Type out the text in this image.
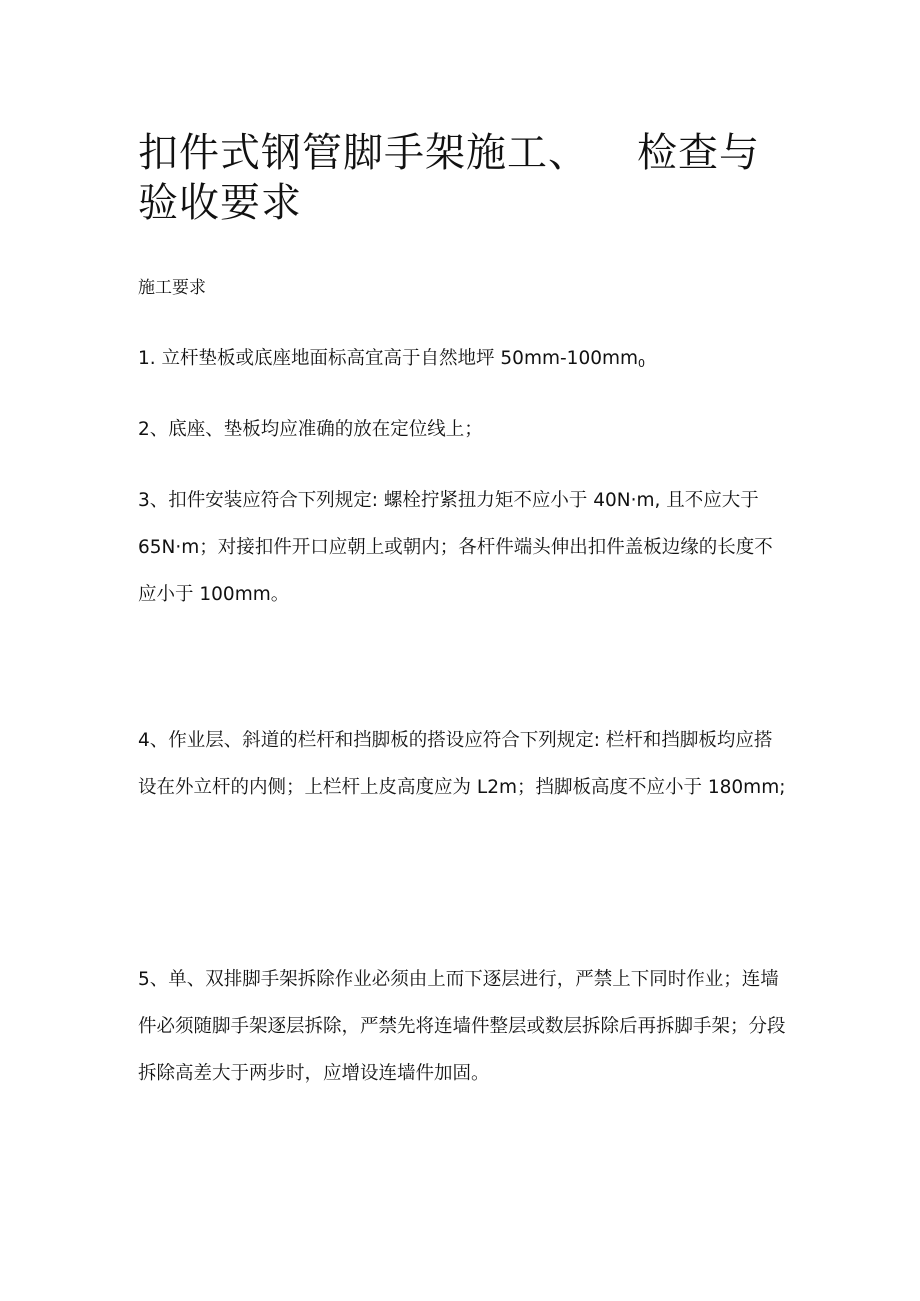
扣件式钢管脚手架施工、 检查与验收要求

施工要求

1. 立杆垫板或底座地面标高宜高于自然地坪 $50mm-100mm_0$

2、底座、垫板均应准确的放在定位线上；

3、扣件安装应符合下列规定: 螺栓拧紧扭力矩不应小于 40N·m, 且不应大于 65N·m；对接扣件开口应朝上或朝内；各杆件端头伸出扣件盖板边缘的长度不应小于 100mm。

4、作业层、斜道的栏杆和挡脚板的搭设应符合下列规定: 栏杆和挡脚板均应搭设在外立杆的内侧；上栏杆上皮高度应为 L2m；挡脚板高度不应小于 180mm;

5、单、双排脚手架拆除作业必须由上而下逐层进行，严禁上下同时作业；连墙件必须随脚手架逐层拆除，严禁先将连墙件整层或数层拆除后再拆脚手架；分段拆除高差大于两步时，应增设连墙件加固。
